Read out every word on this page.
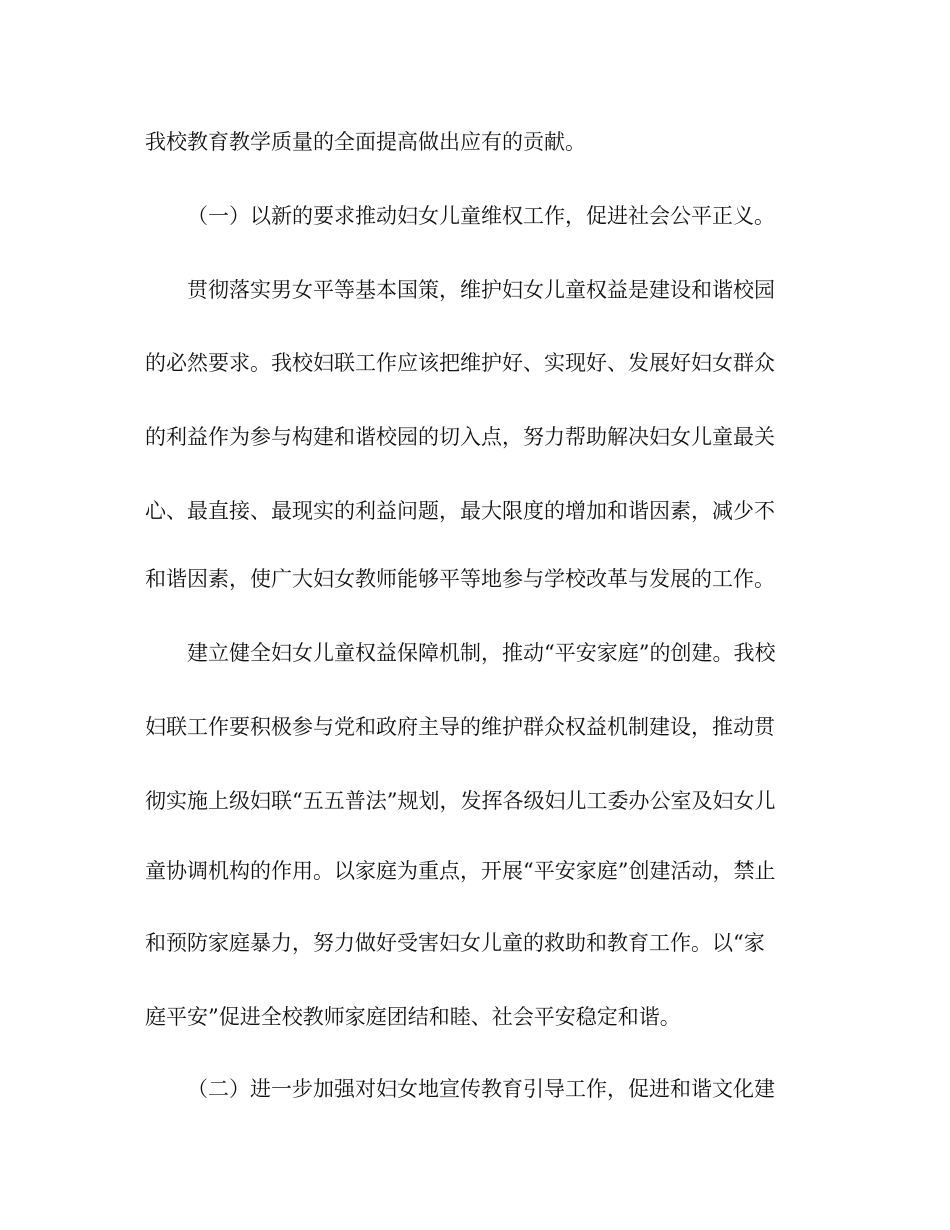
我校教育教学质量的全面提高做出应有的贡献。

（一）以新的要求推动妇女儿童维权工作，促进社会公平正义。

贯彻落实男女平等基本国策，维护妇女儿童权益是建设和谐校园

的必然要求。我校妇联工作应该把维护好、实现好、发展好妇女群众

的利益作为参与构建和谐校园的切入点，努力帮助解决妇女儿童最关

心、最直接、最现实的利益问题，最大限度的增加和谐因素，减少不

和谐因素，使广大妇女教师能够平等地参与学校改革与发展的工作。

建立健全妇女儿童权益保障机制，推动“平安家庭”的创建。我校

妇联工作要积极参与党和政府主导的维护群众权益机制建设，推动贯

彻实施上级妇联“五五普法”规划，发挥各级妇儿工委办公室及妇女儿

童协调机构的作用。以家庭为重点，开展“平安家庭”创建活动，禁止

和预防家庭暴力，努力做好受害妇女儿童的救助和教育工作。以“家

庭平安”促进全校教师家庭团结和睦、社会平安稳定和谐。

（二）进一步加强对妇女地宣传教育引导工作，促进和谐文化建
